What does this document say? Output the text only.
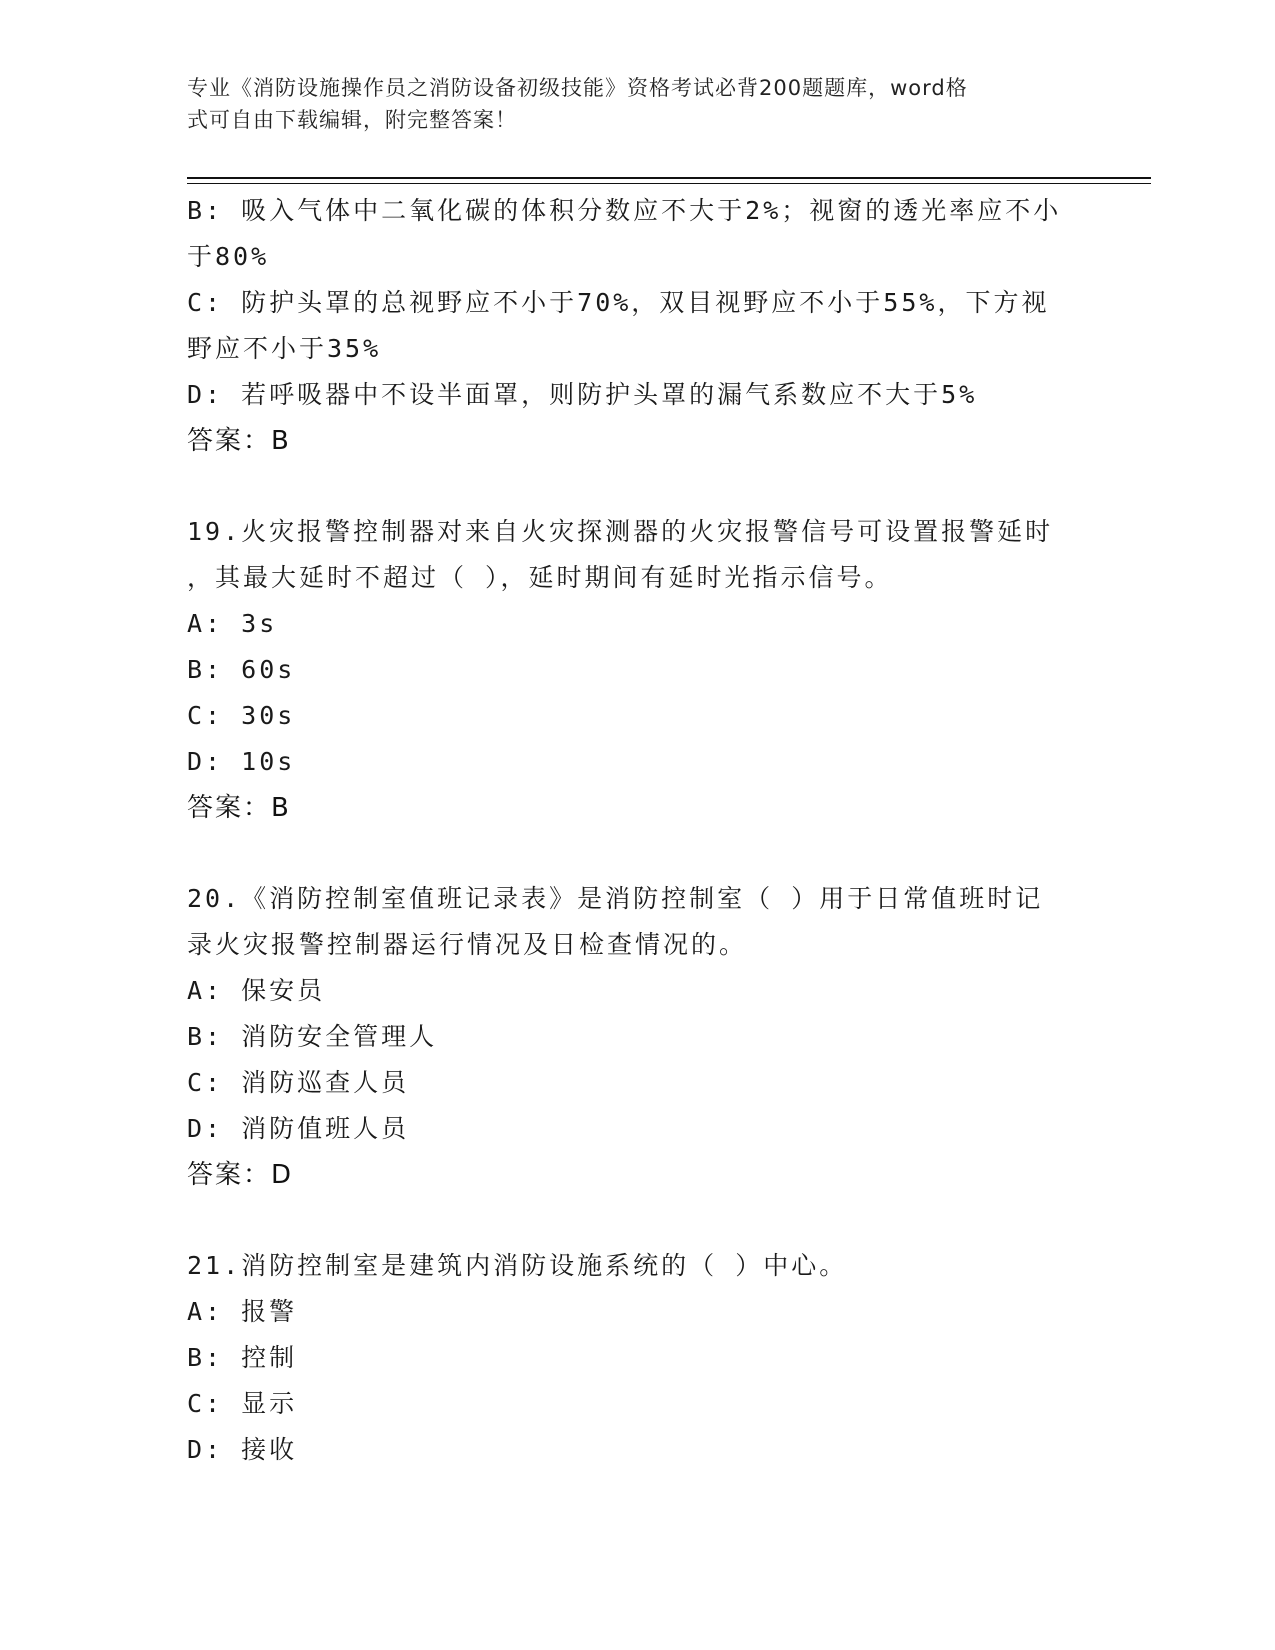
专业《消防设施操作员之消防设备初级技能》资格考试必背200题题库，word格
式可自由下载编辑，附完整答案！
B: 吸入气体中二氧化碳的体积分数应不大于2%；视窗的透光率应不小
于80%
C: 防护头罩的总视野应不小于70%，双目视野应不小于55%，下方视
野应不小于35%
D: 若呼吸器中不设半面罩，则防护头罩的漏气系数应不大于5%
答案：B
19.火灾报警控制器对来自火灾探测器的火灾报警信号可设置报警延时
，其最大延时不超过（ ），延时期间有延时光指示信号。
A: 3s
B: 60s
C: 30s
D: 10s
答案：B
20.《消防控制室值班记录表》是消防控制室（ ）用于日常值班时记
录火灾报警控制器运行情况及日检查情况的。
A: 保安员
B: 消防安全管理人
C: 消防巡查人员
D: 消防值班人员
答案：D
21.消防控制室是建筑内消防设施系统的（ ）中心。
A: 报警
B: 控制
C: 显示
D: 接收
